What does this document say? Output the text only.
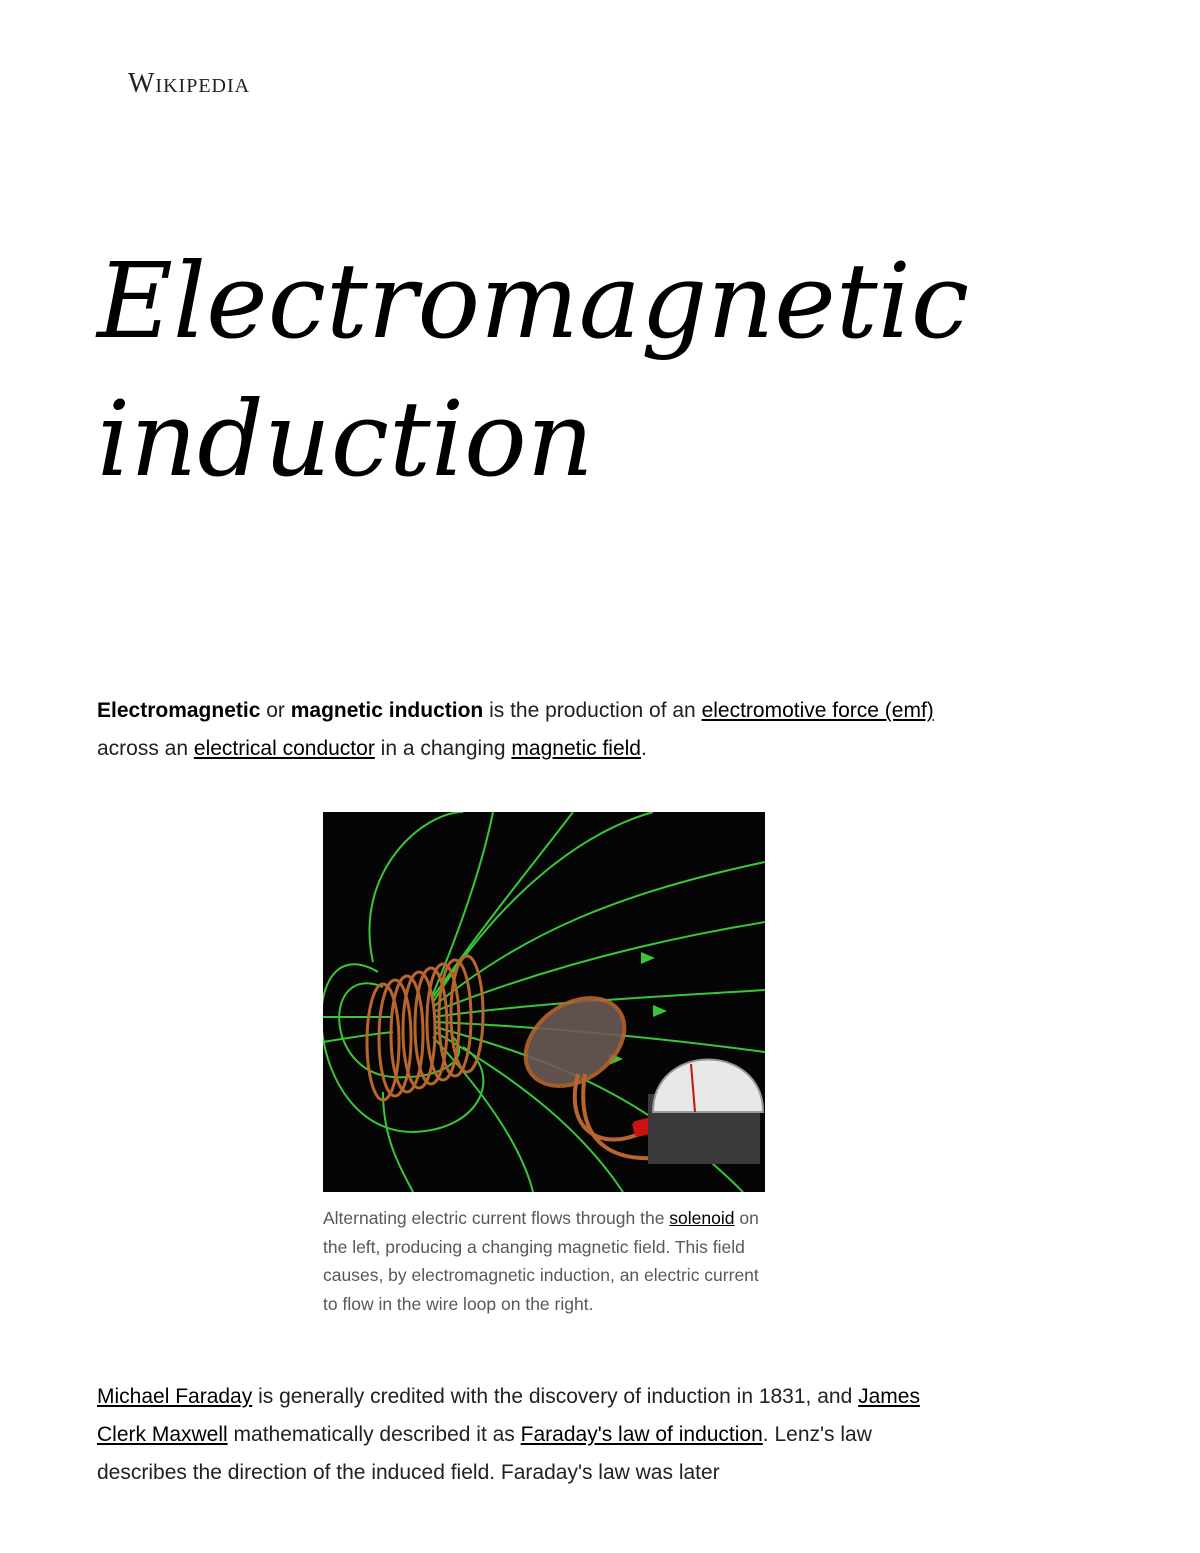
Wikipedia
Electromagnetic induction

Electromagnetic or magnetic induction is the production of an electromotive force (emf) across an electrical conductor in a changing magnetic field.

Alternating electric current flows through the solenoid on the left, producing a changing magnetic field. This field causes, by electromagnetic induction, an electric current to flow in the wire loop on the right.

Michael Faraday is generally credited with the discovery of induction in 1831, and James Clerk Maxwell mathematically described it as Faraday's law of induction. Lenz's law describes the direction of the induced field. Faraday's law was later
